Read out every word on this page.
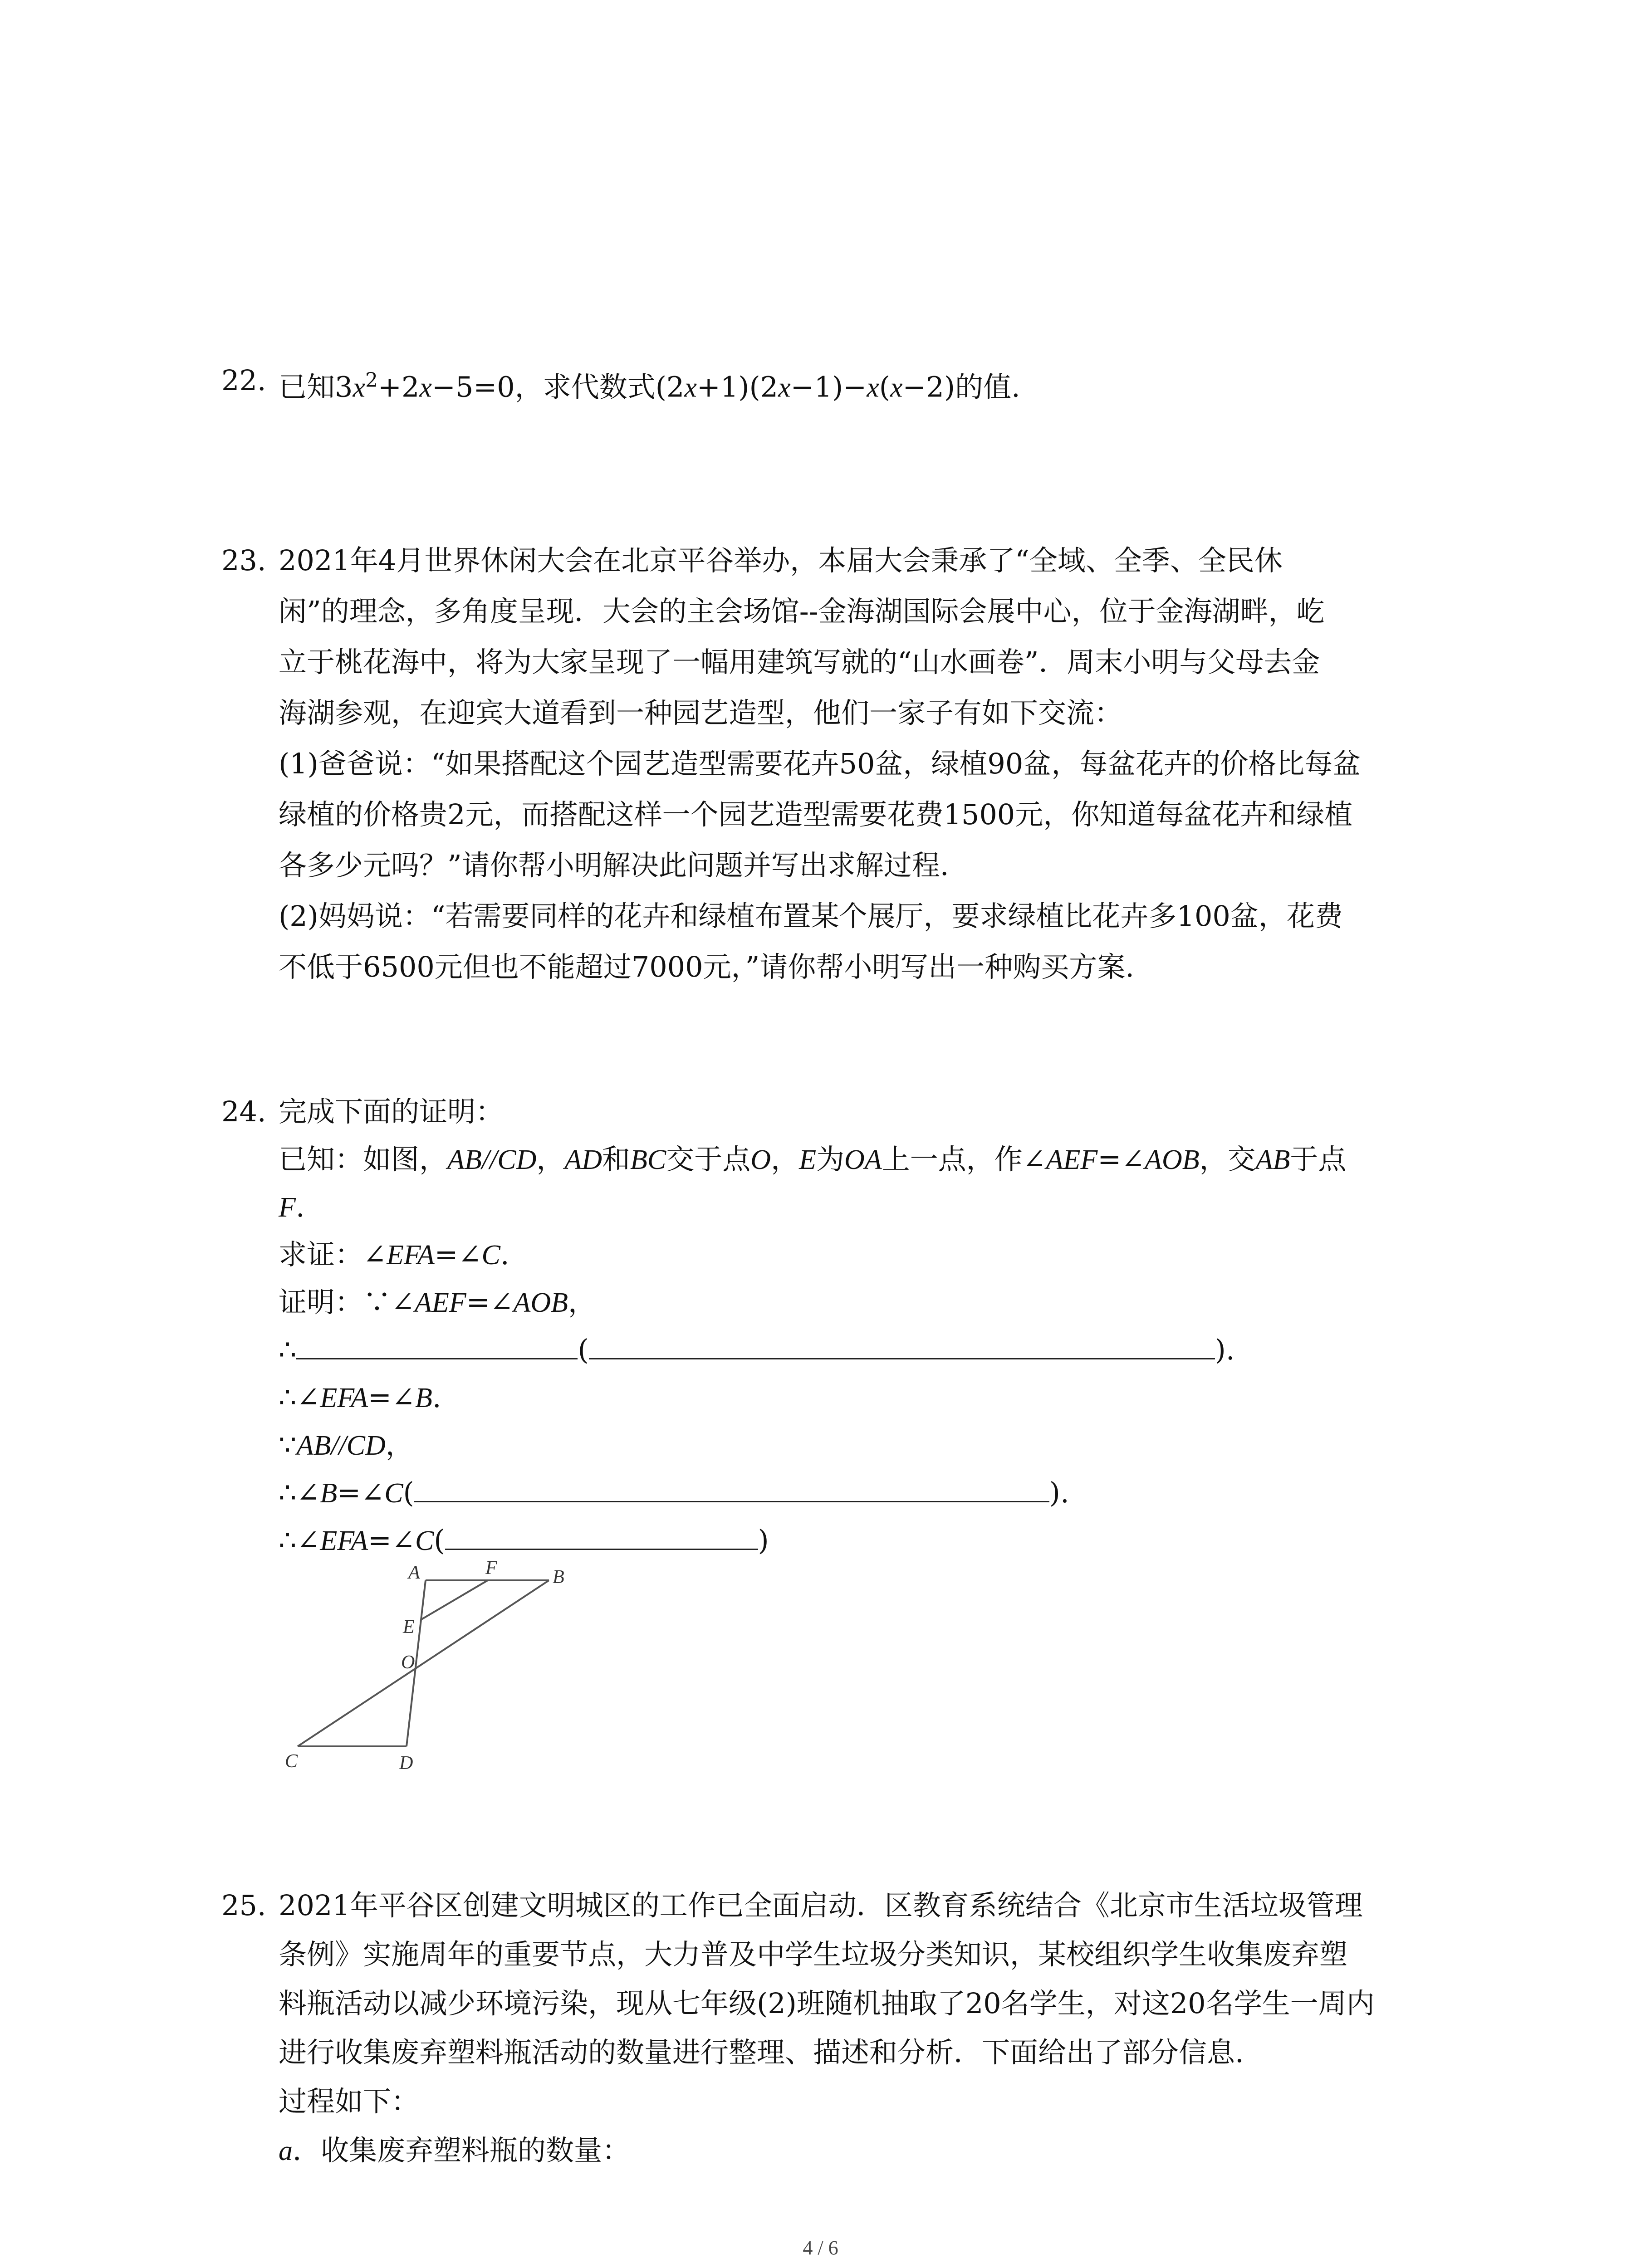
22. 已知$3x^2+2x-5=0$，求代数式(2x+1)(2x−1)−x(x−2)的值.
23. 2021年4月世界休闲大会在北京平谷举办，本届大会秉承了“全域、全季、全民休
闲”的理念，多角度呈现．大会的主会场馆--金海湖国际会展中心，位于金海湖畔，屹
立于桃花海中，将为大家呈现了一幅用建筑写就的“山水画卷”．周末小明与父母去金
海湖参观，在迎宾大道看到一种园艺造型，他们一家子有如下交流：
(1)爸爸说：“如果搭配这个园艺造型需要花卉50盆，绿植90盆，每盆花卉的价格比每盆
绿植的价格贵2元，而搭配这样一个园艺造型需要花费1500元，你知道每盆花卉和绿植
各多少元吗？”请你帮小明解决此问题并写出求解过程.
(2)妈妈说：“若需要同样的花卉和绿植布置某个展厅，要求绿植比花卉多100盆，花费
不低于6500元但也不能超过7000元，”请你帮小明写出一种购买方案.
24. 完成下面的证明：
已知：如图，AB//CD，AD和BC交于点O，E为OA上一点，作∠AEF=∠AOB，交AB于点
F.
求证：∠EFA=∠C.
证明：∵∠AEF=∠AOB，
∴	(	).
∴∠EFA=∠B.
∵AB//CD，
∴∠B=∠C(	).
∴∠EFA=∠C(	)
A	F	B
E
O
C	D
25. 2021年平谷区创建文明城区的工作已全面启动．区教育系统结合《北京市生活垃圾管理
条例》实施周年的重要节点，大力普及中学生垃圾分类知识，某校组织学生收集废弃塑
料瓶活动以减少环境污染，现从七年级(2)班随机抽取了20名学生，对这20名学生一周内
进行收集废弃塑料瓶活动的数量进行整理、描述和分析．下面给出了部分信息.
过程如下：
a．收集废弃塑料瓶的数量：
4 / 6
